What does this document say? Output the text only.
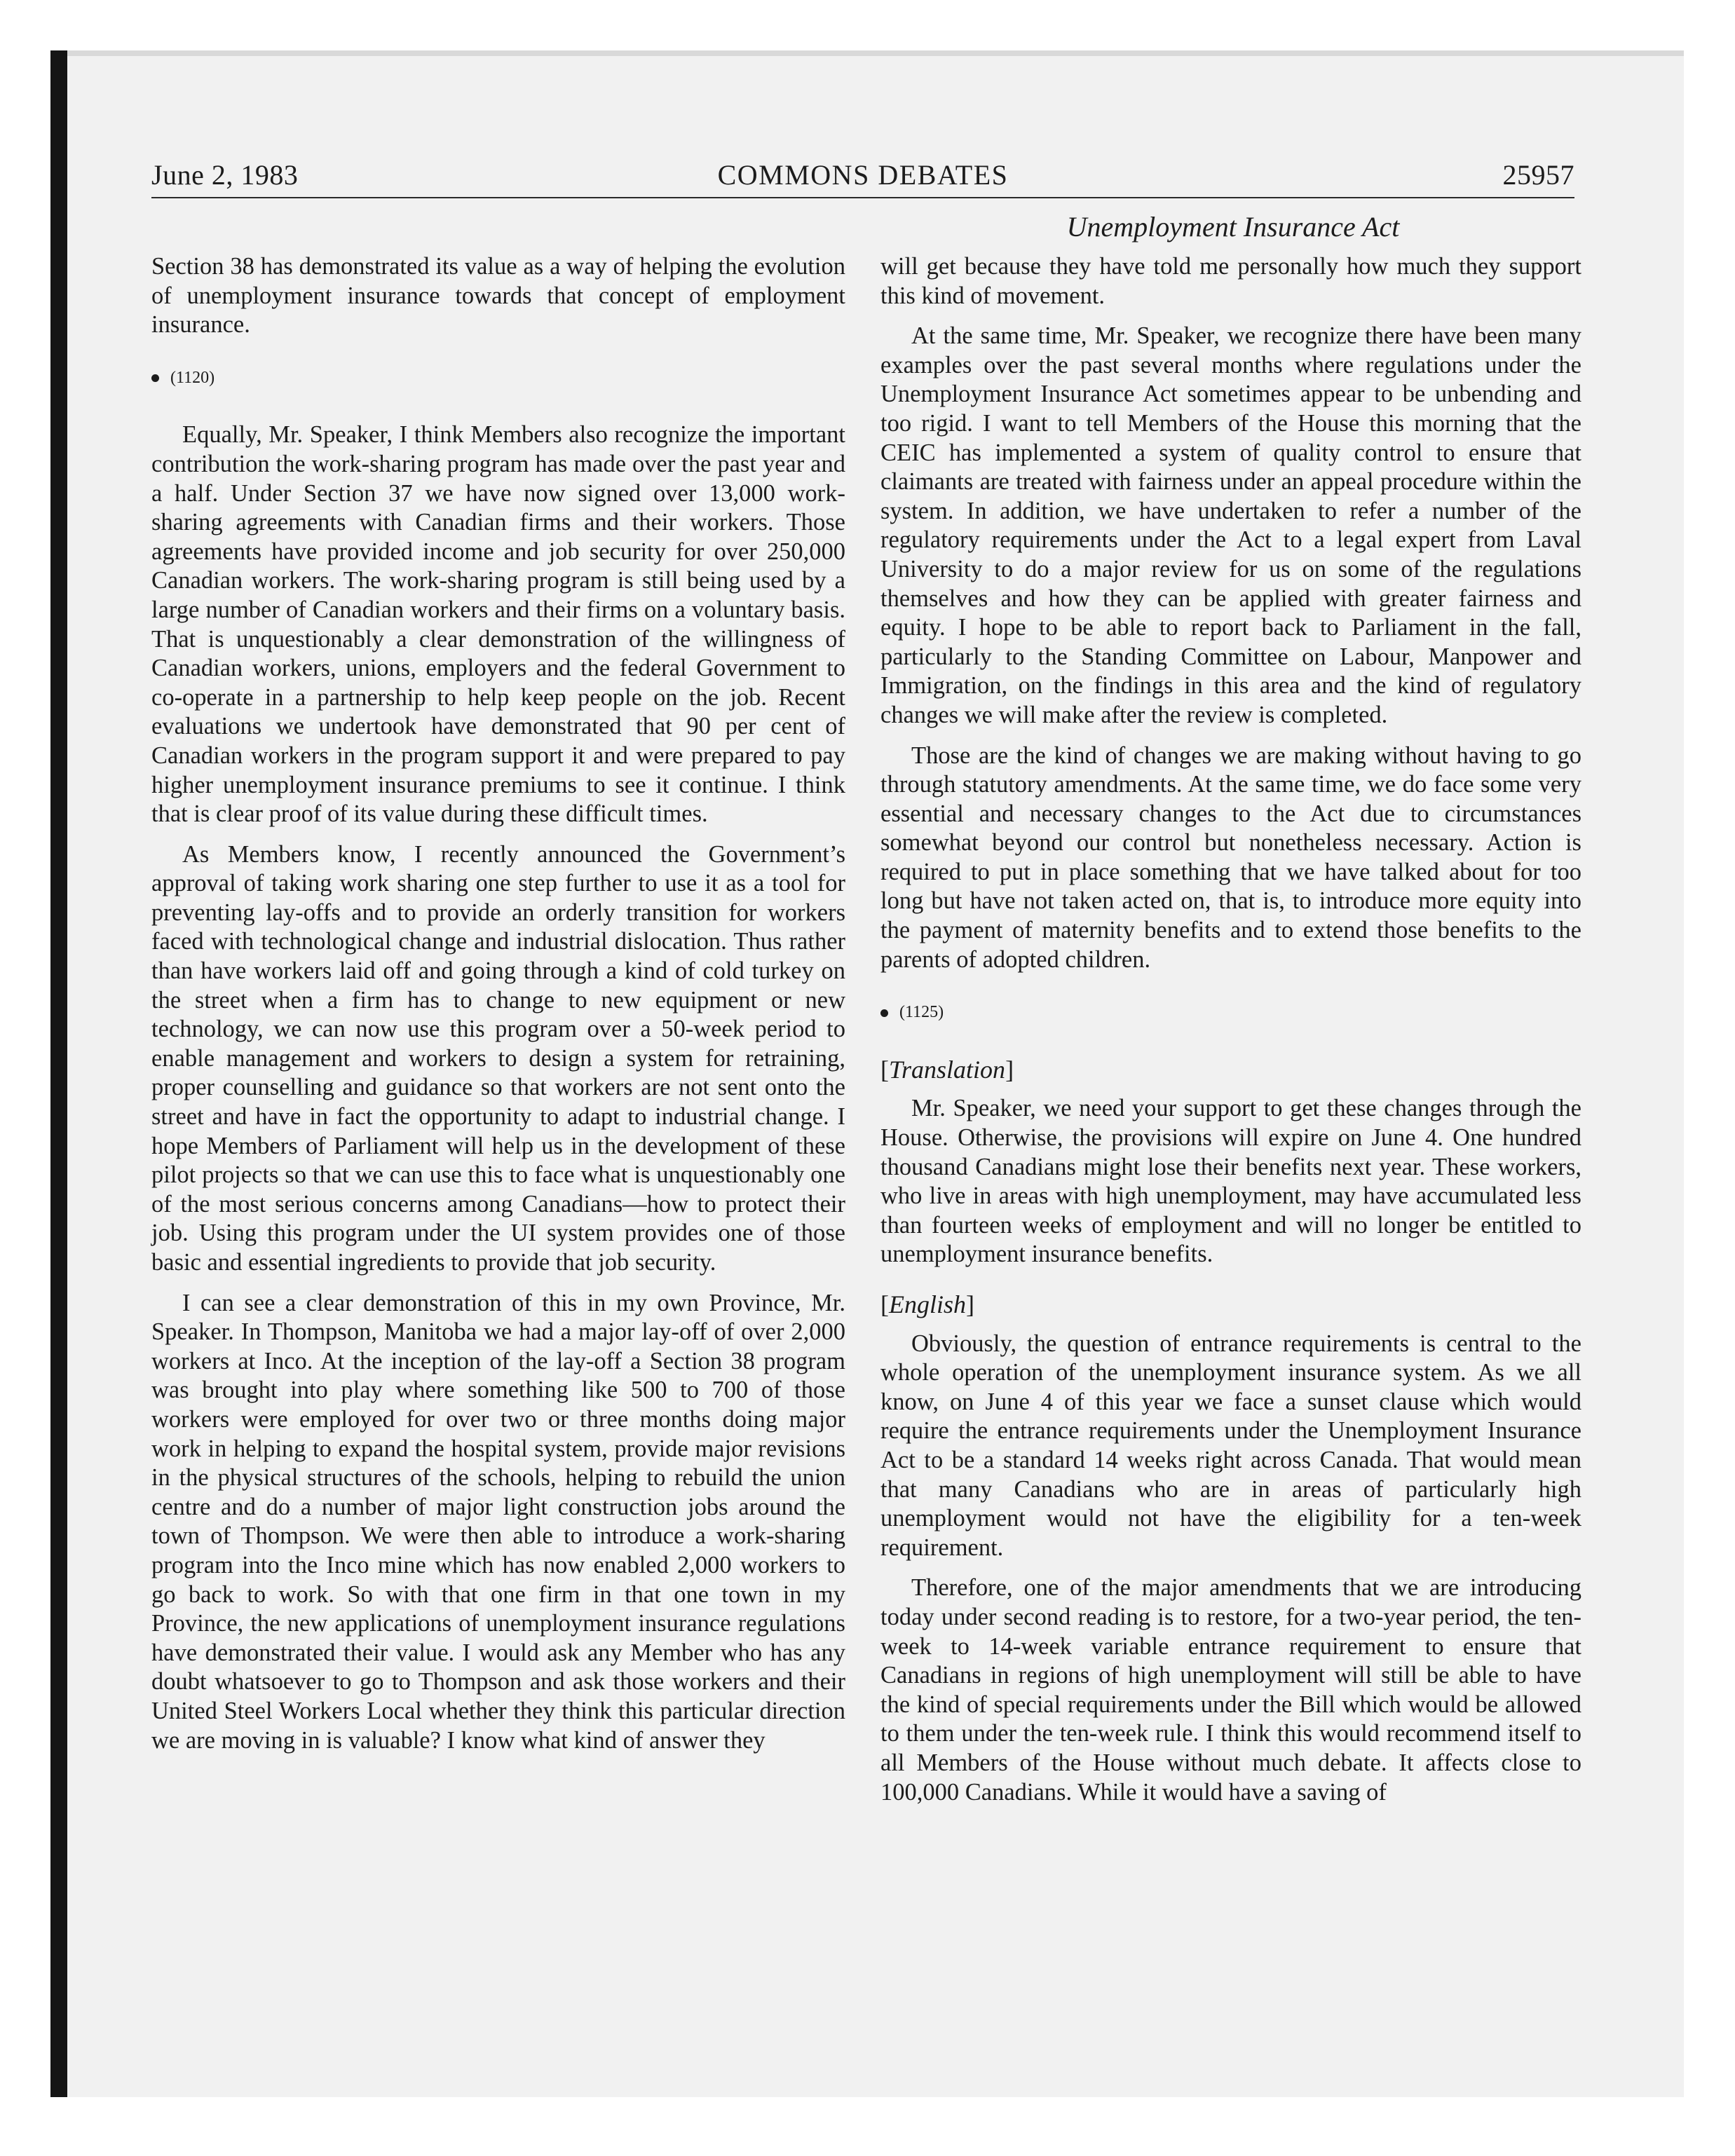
June 2, 1983	COMMONS DEBATES	25957
Unemployment Insurance Act

Section 38 has demonstrated its value as a way of helping the evolution of unemployment insurance towards that concept of employment insurance.

(1120)

Equally, Mr. Speaker, I think Members also recognize the important contribution the work-sharing program has made over the past year and a half. Under Section 37 we have now signed over 13,000 work-sharing agreements with Canadian firms and their workers. Those agreements have provided income and job security for over 250,000 Canadian workers. The work-sharing program is still being used by a large number of Canadian workers and their firms on a voluntary basis. That is unquestionably a clear demonstration of the willingness of Canadian workers, unions, employers and the federal Government to co-operate in a partnership to help keep people on the job. Recent evaluations we undertook have demonstrated that 90 per cent of Canadian workers in the program support it and were prepared to pay higher unemployment insurance premiums to see it continue. I think that is clear proof of its value during these difficult times.

As Members know, I recently announced the Government’s approval of taking work sharing one step further to use it as a tool for preventing lay-offs and to provide an orderly transition for workers faced with technological change and industrial dislocation. Thus rather than have workers laid off and going through a kind of cold turkey on the street when a firm has to change to new equipment or new technology, we can now use this program over a 50-week period to enable management and workers to design a system for retraining, proper counselling and guidance so that workers are not sent onto the street and have in fact the opportunity to adapt to industrial change. I hope Members of Parliament will help us in the development of these pilot projects so that we can use this to face what is unquestionably one of the most serious concerns among Canadians—how to protect their job. Using this program under the UI system provides one of those basic and essential ingredients to provide that job security.

I can see a clear demonstration of this in my own Province, Mr. Speaker. In Thompson, Manitoba we had a major lay-off of over 2,000 workers at Inco. At the inception of the lay-off a Section 38 program was brought into play where something like 500 to 700 of those workers were employed for over two or three months doing major work in helping to expand the hospital system, provide major revisions in the physical structures of the schools, helping to rebuild the union centre and do a number of major light construction jobs around the town of Thompson. We were then able to introduce a work-sharing program into the Inco mine which has now enabled 2,000 workers to go back to work. So with that one firm in that one town in my Province, the new applications of unemployment insurance regulations have demonstrated their value. I would ask any Member who has any doubt whatsoever to go to Thompson and ask those workers and their United Steel Workers Local whether they think this particular direction we are moving in is valuable? I know what kind of answer they

will get because they have told me personally how much they support this kind of movement.

At the same time, Mr. Speaker, we recognize there have been many examples over the past several months where regulations under the Unemployment Insurance Act sometimes appear to be unbending and too rigid. I want to tell Members of the House this morning that the CEIC has implemented a system of quality control to ensure that claimants are treated with fairness under an appeal procedure within the system. In addition, we have undertaken to refer a number of the regulatory requirements under the Act to a legal expert from Laval University to do a major review for us on some of the regulations themselves and how they can be applied with greater fairness and equity. I hope to be able to report back to Parliament in the fall, particularly to the Standing Committee on Labour, Manpower and Immigration, on the findings in this area and the kind of regulatory changes we will make after the review is completed.

Those are the kind of changes we are making without having to go through statutory amendments. At the same time, we do face some very essential and necessary changes to the Act due to circumstances somewhat beyond our control but nonetheless necessary. Action is required to put in place something that we have talked about for too long but have not taken acted on, that is, to introduce more equity into the payment of maternity benefits and to extend those benefits to the parents of adopted children.

(1125)
[Translation]

Mr. Speaker, we need your support to get these changes through the House. Otherwise, the provisions will expire on June 4. One hundred thousand Canadians might lose their benefits next year. These workers, who live in areas with high unemployment, may have accumulated less than fourteen weeks of employment and will no longer be entitled to unemployment insurance benefits.

[English]

Obviously, the question of entrance requirements is central to the whole operation of the unemployment insurance system. As we all know, on June 4 of this year we face a sunset clause which would require the entrance requirements under the Unemployment Insurance Act to be a standard 14 weeks right across Canada. That would mean that many Canadians who are in areas of particularly high unemployment would not have the eligibility for a ten-week requirement.

Therefore, one of the major amendments that we are introducing today under second reading is to restore, for a two-year period, the ten-week to 14-week variable entrance requirement to ensure that Canadians in regions of high unemployment will still be able to have the kind of special requirements under the Bill which would be allowed to them under the ten-week rule. I think this would recommend itself to all Members of the House without much debate. It affects close to 100,000 Canadians. While it would have a saving of
